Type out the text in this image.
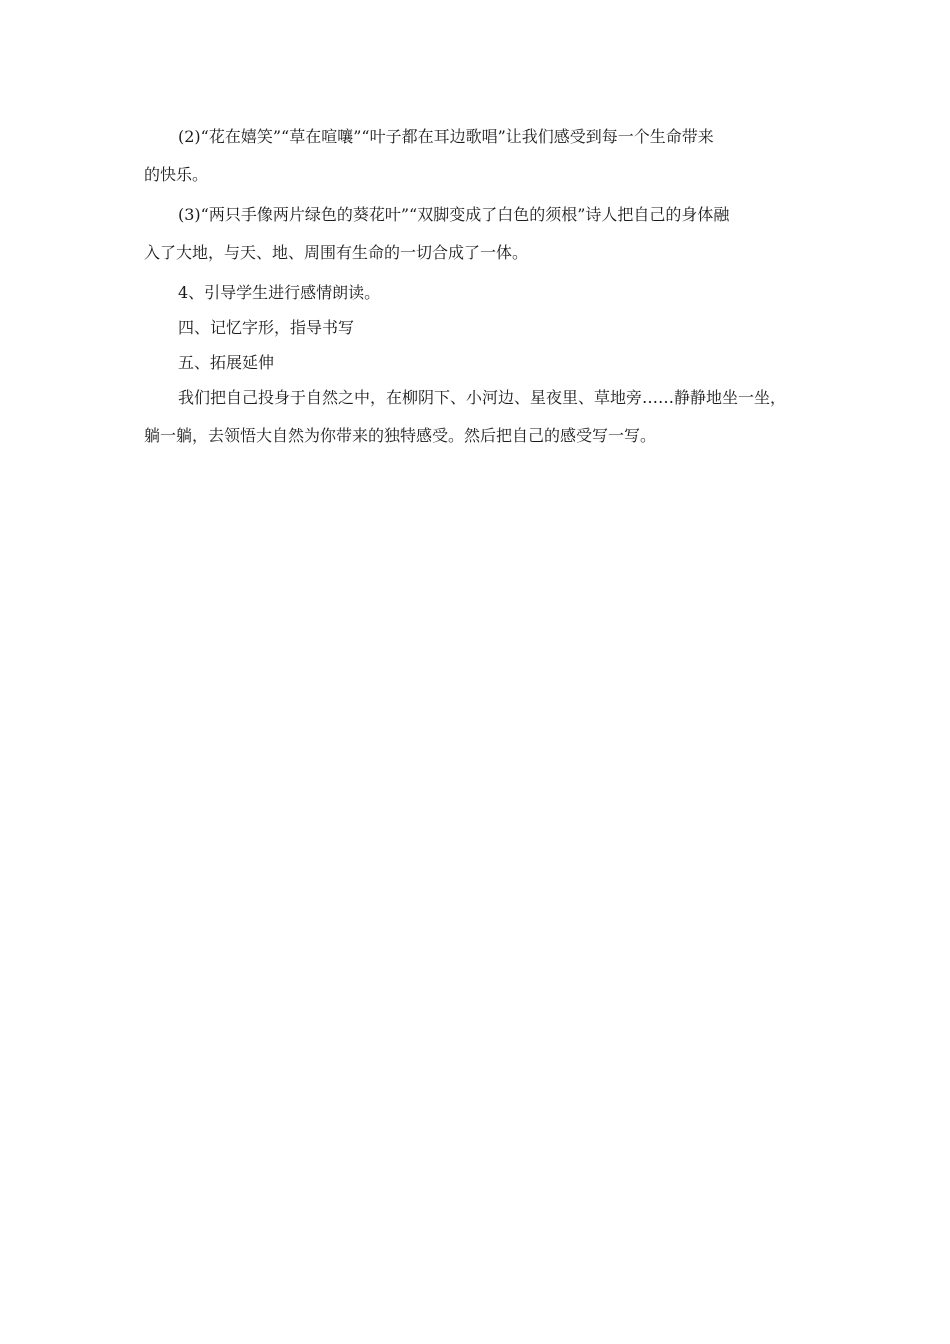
(2)“花在嬉笑”“草在喧嚷”“叶子都在耳边歌唱”让我们感受到每一个生命带来
的快乐。

(3)“两只手像两片绿色的葵花叶”“双脚变成了白色的须根”诗人把自己的身体融
入了大地，与天、地、周围有生命的一切合成了一体。

4、引导学生进行感情朗读。

四、记忆字形，指导书写

五、拓展延伸

我们把自己投身于自然之中，在柳阴下、小河边、星夜里、草地旁……静静地坐一坐，
躺一躺，去领悟大自然为你带来的独特感受。然后把自己的感受写一写。
